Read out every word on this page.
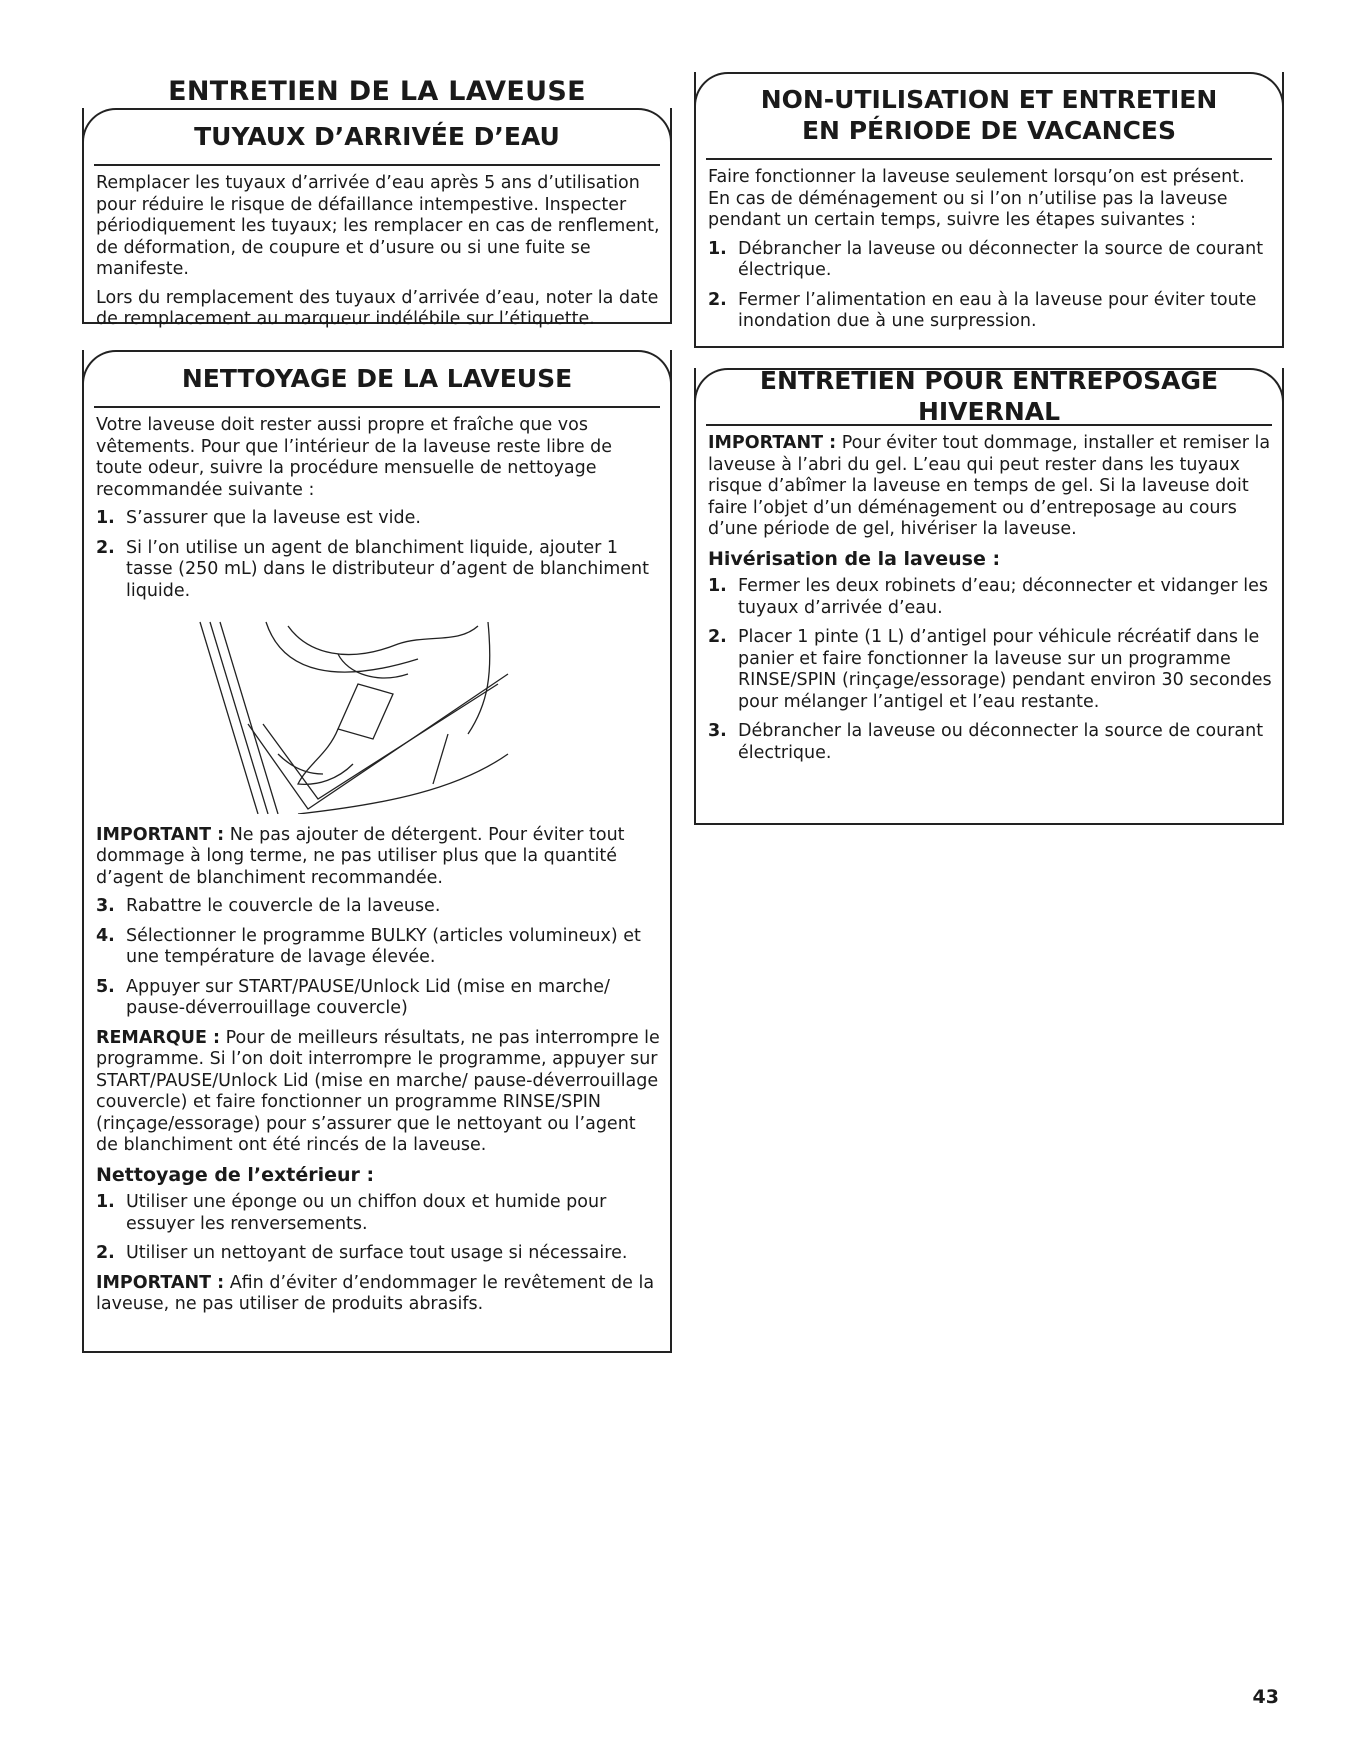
ENTRETIEN DE LA LAVEUSE
TUYAUX D’ARRIVÉE D’EAU

Remplacer les tuyaux d’arrivée d’eau après 5 ans d’utilisation pour réduire le risque de défaillance intempestive. Inspecter périodiquement les tuyaux; les remplacer en cas de renflement, de déformation, de coupure et d’usure ou si une fuite se manifeste.

Lors du remplacement des tuyaux d’arrivée d’eau, noter la date de remplacement au marqueur indélébile sur l’étiquette.

NETTOYAGE DE LA LAVEUSE

Votre laveuse doit rester aussi propre et fraîche que vos vêtements. Pour que l’intérieur de la laveuse reste libre de toute odeur, suivre la procédure mensuelle de nettoyage recommandée suivante :

1. S’assurer que la laveuse est vide.
2. Si l’on utilise un agent de blanchiment liquide, ajouter 1 tasse (250 mL) dans le distributeur d’agent de blanchiment liquide.

IMPORTANT : Ne pas ajouter de détergent. Pour éviter tout dommage à long terme, ne pas utiliser plus que la quantité d’agent de blanchiment recommandée.

3. Rabattre le couvercle de la laveuse.
4. Sélectionner le programme BULKY (articles volumineux) et une température de lavage élevée.
5. Appuyer sur START/PAUSE/Unlock Lid (mise en marche/ pause-déverrouillage couvercle)

REMARQUE : Pour de meilleurs résultats, ne pas interrompre le programme. Si l’on doit interrompre le programme, appuyer sur START/PAUSE/Unlock Lid (mise en marche/ pause-déverrouillage couvercle) et faire fonctionner un programme RINSE/SPIN (rinçage/essorage) pour s’assurer que le nettoyant ou l’agent de blanchiment ont été rincés de la laveuse.

Nettoyage de l’extérieur :
1. Utiliser une éponge ou un chiffon doux et humide pour essuyer les renversements.
2. Utiliser un nettoyant de surface tout usage si nécessaire.

IMPORTANT : Afin d’éviter d’endommager le revêtement de la laveuse, ne pas utiliser de produits abrasifs.

NON-UTILISATION ET ENTRETIEN
EN PÉRIODE DE VACANCES

Faire fonctionner la laveuse seulement lorsqu’on est présent. En cas de déménagement ou si l’on n’utilise pas la laveuse pendant un certain temps, suivre les étapes suivantes :

1. Débrancher la laveuse ou déconnecter la source de courant électrique.
2. Fermer l’alimentation en eau à la laveuse pour éviter toute inondation due à une surpression.
ENTRETIEN POUR ENTREPOSAGE HIVERNAL

IMPORTANT : Pour éviter tout dommage, installer et remiser la laveuse à l’abri du gel. L’eau qui peut rester dans les tuyaux risque d’abîmer la laveuse en temps de gel. Si la laveuse doit faire l’objet d’un déménagement ou d’entreposage au cours d’une période de gel, hivériser la laveuse.

Hivérisation de la laveuse :
1. Fermer les deux robinets d’eau; déconnecter et vidanger les tuyaux d’arrivée d’eau.
2. Placer 1 pinte (1 L) d’antigel pour véhicule récréatif dans le panier et faire fonctionner la laveuse sur un programme RINSE/SPIN (rinçage/essorage) pendant environ 30 secondes pour mélanger l’antigel et l’eau restante.
3. Débrancher la laveuse ou déconnecter la source de courant électrique.

43
